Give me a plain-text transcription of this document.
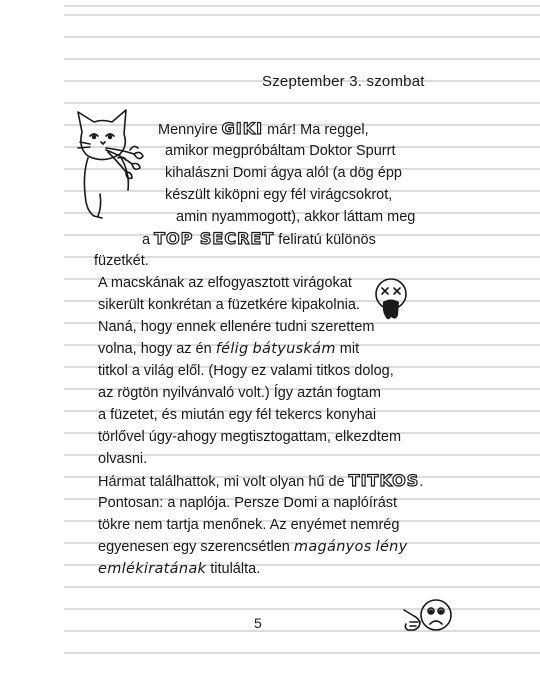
Szeptember 3. szombat
Mennyire GIKI már! Ma reggel,
amikor megpróbáltam Doktor Spurrt
kihalászni Domi ágya alól (a dög épp
készült kiköpni egy fél virágcsokrot,
amin nyammogott), akkor láttam meg
a TOP SECRET feliratú különös
füzetkét.
A macskának az elfogyasztott virágokat
sikerült konkrétan a füzetkére kipakolnia.
Naná, hogy ennek ellenére tudni szerettem
volna, hogy az én félig bátyuskám mit
titkol a világ elől. (Hogy ez valami titkos dolog,
az rögtön nyilvánvaló volt.) Így aztán fogtam
a füzetet, és miután egy fél tekercs konyhai
törlővel úgy-ahogy megtisztogattam, elkezdtem
olvasni.
Hármat találhattok, mi volt olyan hű de TITKOS.
Pontosan: a naplója. Persze Domi a naplóírást
tökre nem tartja menőnek. Az enyémet nemrég
egyenesen egy szerencsétlen magányos lény
emlékiratának titulálta.
5
